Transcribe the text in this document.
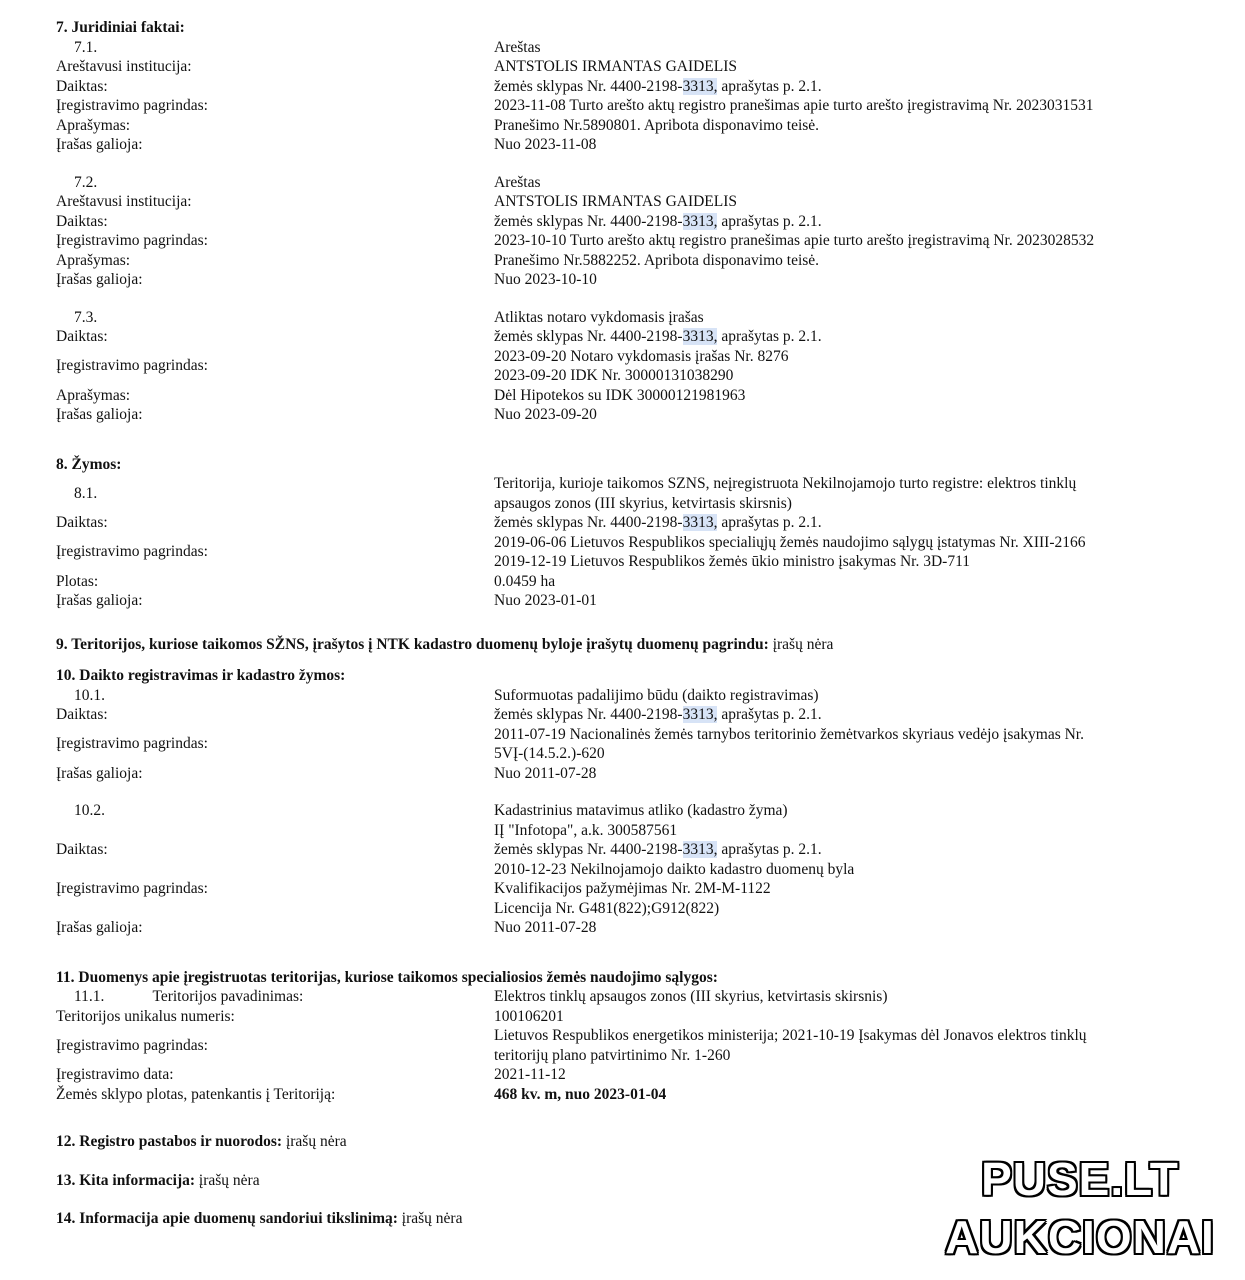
7. Juridiniai faktai:
7.1.	Areštas
Areštavusi institucija:	ANTSTOLIS IRMANTAS GAIDELIS
Daiktas:	žemės sklypas Nr. 4400-2198-3313, aprašytas p. 2.1.
Įregistravimo pagrindas:	2023-11-08 Turto arešto aktų registro pranešimas apie turto arešto įregistravimą Nr. 2023031531
Aprašymas:	Pranešimo Nr.5890801. Apribota disponavimo teisė.
Įrašas galioja:	Nuo 2023-11-08
7.2.	Areštas
Areštavusi institucija:	ANTSTOLIS IRMANTAS GAIDELIS
Daiktas:	žemės sklypas Nr. 4400-2198-3313, aprašytas p. 2.1.
Įregistravimo pagrindas:	2023-10-10 Turto arešto aktų registro pranešimas apie turto arešto įregistravimą Nr. 2023028532
Aprašymas:	Pranešimo Nr.5882252. Apribota disponavimo teisė.
Įrašas galioja:	Nuo 2023-10-10
7.3.	Atliktas notaro vykdomasis įrašas
Daiktas:	žemės sklypas Nr. 4400-2198-3313, aprašytas p. 2.1.
Įregistravimo pagrindas:
2023-09-20 Notaro vykdomasis įrašas Nr. 8276
2023-09-20 IDK Nr. 30000131038290
Aprašymas:	Dėl Hipotekos su IDK 30000121981963
Įrašas galioja:	Nuo 2023-09-20
8. Žymos:
8.1.
Teritorija, kurioje taikomos SZNS, neįregistruota Nekilnojamojo turto registre: elektros tinklų
apsaugos zonos (III skyrius, ketvirtasis skirsnis)
Daiktas:	žemės sklypas Nr. 4400-2198-3313, aprašytas p. 2.1.
Įregistravimo pagrindas:
2019-06-06 Lietuvos Respublikos specialiųjų žemės naudojimo sąlygų įstatymas Nr. XIII-2166
2019-12-19 Lietuvos Respublikos žemės ūkio ministro įsakymas Nr. 3D-711
Plotas:	0.0459 ha
Įrašas galioja:	Nuo 2023-01-01
9. Teritorijos, kuriose taikomos SŽNS, įrašytos į NTK kadastro duomenų byloje įrašytų duomenų pagrindu: įrašų nėra
10. Daikto registravimas ir kadastro žymos:
10.1.	Suformuotas padalijimo būdu (daikto registravimas)
Daiktas:	žemės sklypas Nr. 4400-2198-3313, aprašytas p. 2.1.
Įregistravimo pagrindas:
2011-07-19 Nacionalinės žemės tarnybos teritorinio žemėtvarkos skyriaus vedėjo įsakymas Nr.
5VĮ-(14.5.2.)-620
Įrašas galioja:	Nuo 2011-07-28
10.2.	Kadastrinius matavimus atliko (kadastro žyma)
IĮ "Infotopa", a.k. 300587561
Daiktas:	žemės sklypas Nr. 4400-2198-3313, aprašytas p. 2.1.
Įregistravimo pagrindas:
2010-12-23 Nekilnojamojo daikto kadastro duomenų byla
Kvalifikacijos pažymėjimas Nr. 2M-M-1122
Licencija Nr. G481(822);G912(822)
Įrašas galioja:	Nuo 2011-07-28
11. Duomenys apie įregistruotas teritorijas, kuriose taikomos specialiosios žemės naudojimo sąlygos:
11.1.	Teritorijos pavadinimas:	Elektros tinklų apsaugos zonos (III skyrius, ketvirtasis skirsnis)
Teritorijos unikalus numeris:	100106201
Įregistravimo pagrindas:
Lietuvos Respublikos energetikos ministerija; 2021-10-19 Įsakymas dėl Jonavos elektros tinklų
teritorijų plano patvirtinimo Nr. 1-260
Įregistravimo data:	2021-11-12
Žemės sklypo plotas, patenkantis į Teritoriją:	468 kv. m, nuo 2023-01-04
12. Registro pastabos ir nuorodos: įrašų nėra
13. Kita informacija: įrašų nėra
14. Informacija apie duomenų sandoriui tikslinimą: įrašų nėra
PUSE.LT
AUKCIONAI
